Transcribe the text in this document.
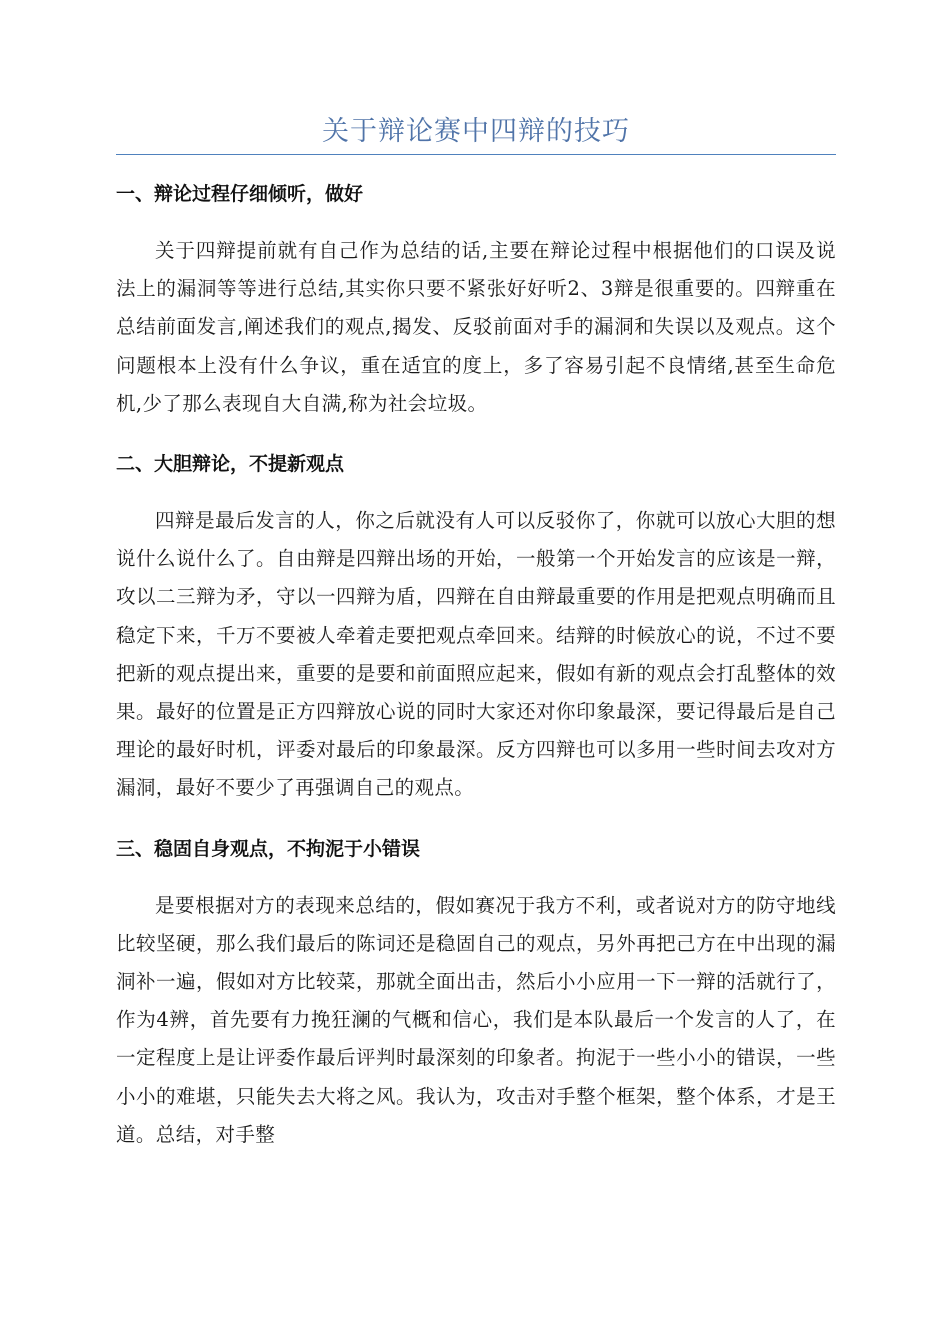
关于辩论赛中四辩的技巧
一、辩论过程仔细倾听，做好

关于四辩提前就有自己作为总结的话,主要在辩论过程中根据他们的口误及说法上的漏洞等等进行总结,其实你只要不紧张好好听2、3辩是很重要的。四辩重在总结前面发言,阐述我们的观点,揭发、反驳前面对手的漏洞和失误以及观点。这个问题根本上没有什么争议，重在适宜的度上，多了容易引起不良情绪,甚至生命危机,少了那么表现自大自满,称为社会垃圾。

二、大胆辩论，不提新观点

四辩是最后发言的人，你之后就没有人可以反驳你了，你就可以放心大胆的想说什么说什么了。自由辩是四辩出场的开始，一般第一个开始发言的应该是一辩，攻以二三辩为矛，守以一四辩为盾，四辩在自由辩最重要的作用是把观点明确而且稳定下来，千万不要被人牵着走要把观点牵回来。结辩的时候放心的说，不过不要把新的观点提出来，重要的是要和前面照应起来，假如有新的观点会打乱整体的效果。最好的位置是正方四辩放心说的同时大家还对你印象最深，要记得最后是自己理论的最好时机，评委对最后的印象最深。反方四辩也可以多用一些时间去攻对方漏洞，最好不要少了再强调自己的观点。

三、稳固自身观点，不拘泥于小错误

是要根据对方的表现来总结的，假如赛况于我方不利，或者说对方的防守地线比较坚硬，那么我们最后的陈词还是稳固自己的观点，另外再把己方在中出现的漏洞补一遍，假如对方比较菜，那就全面出击，然后小小应用一下一辩的活就行了，作为4辨，首先要有力挽狂澜的气概和信心，我们是本队最后一个发言的人了，在一定程度上是让评委作最后评判时最深刻的印象者。拘泥于一些小小的错误，一些小小的难堪，只能失去大将之风。我认为，攻击对手整个框架，整个体系，才是王道。总结，对手整
